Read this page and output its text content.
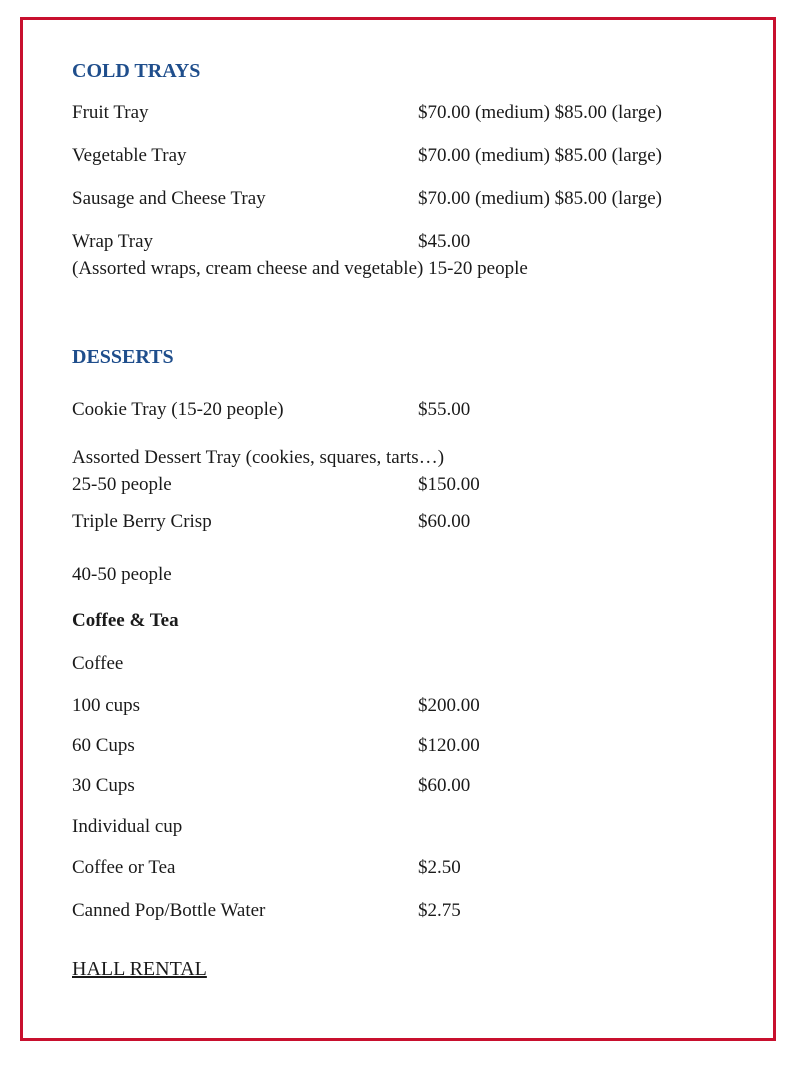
COLD TRAYS
Fruit Tray	$70.00 (medium) $85.00 (large)
Vegetable Tray	$70.00 (medium) $85.00 (large)
Sausage and Cheese Tray	$70.00 (medium) $85.00 (large)
Wrap Tray	$45.00
(Assorted wraps, cream cheese and vegetable) 15-20 people
DESSERTS
Cookie Tray (15-20 people)	$55.00
Assorted Dessert Tray (cookies, squares, tarts…)
25-50 people	$150.00
Triple Berry Crisp	$60.00
40-50 people
Coffee & Tea
Coffee
100 cups	$200.00
60 Cups	$120.00
30 Cups	$60.00
Individual cup
Coffee or Tea	$2.50
Canned Pop/Bottle Water	$2.75
HALL RENTAL
